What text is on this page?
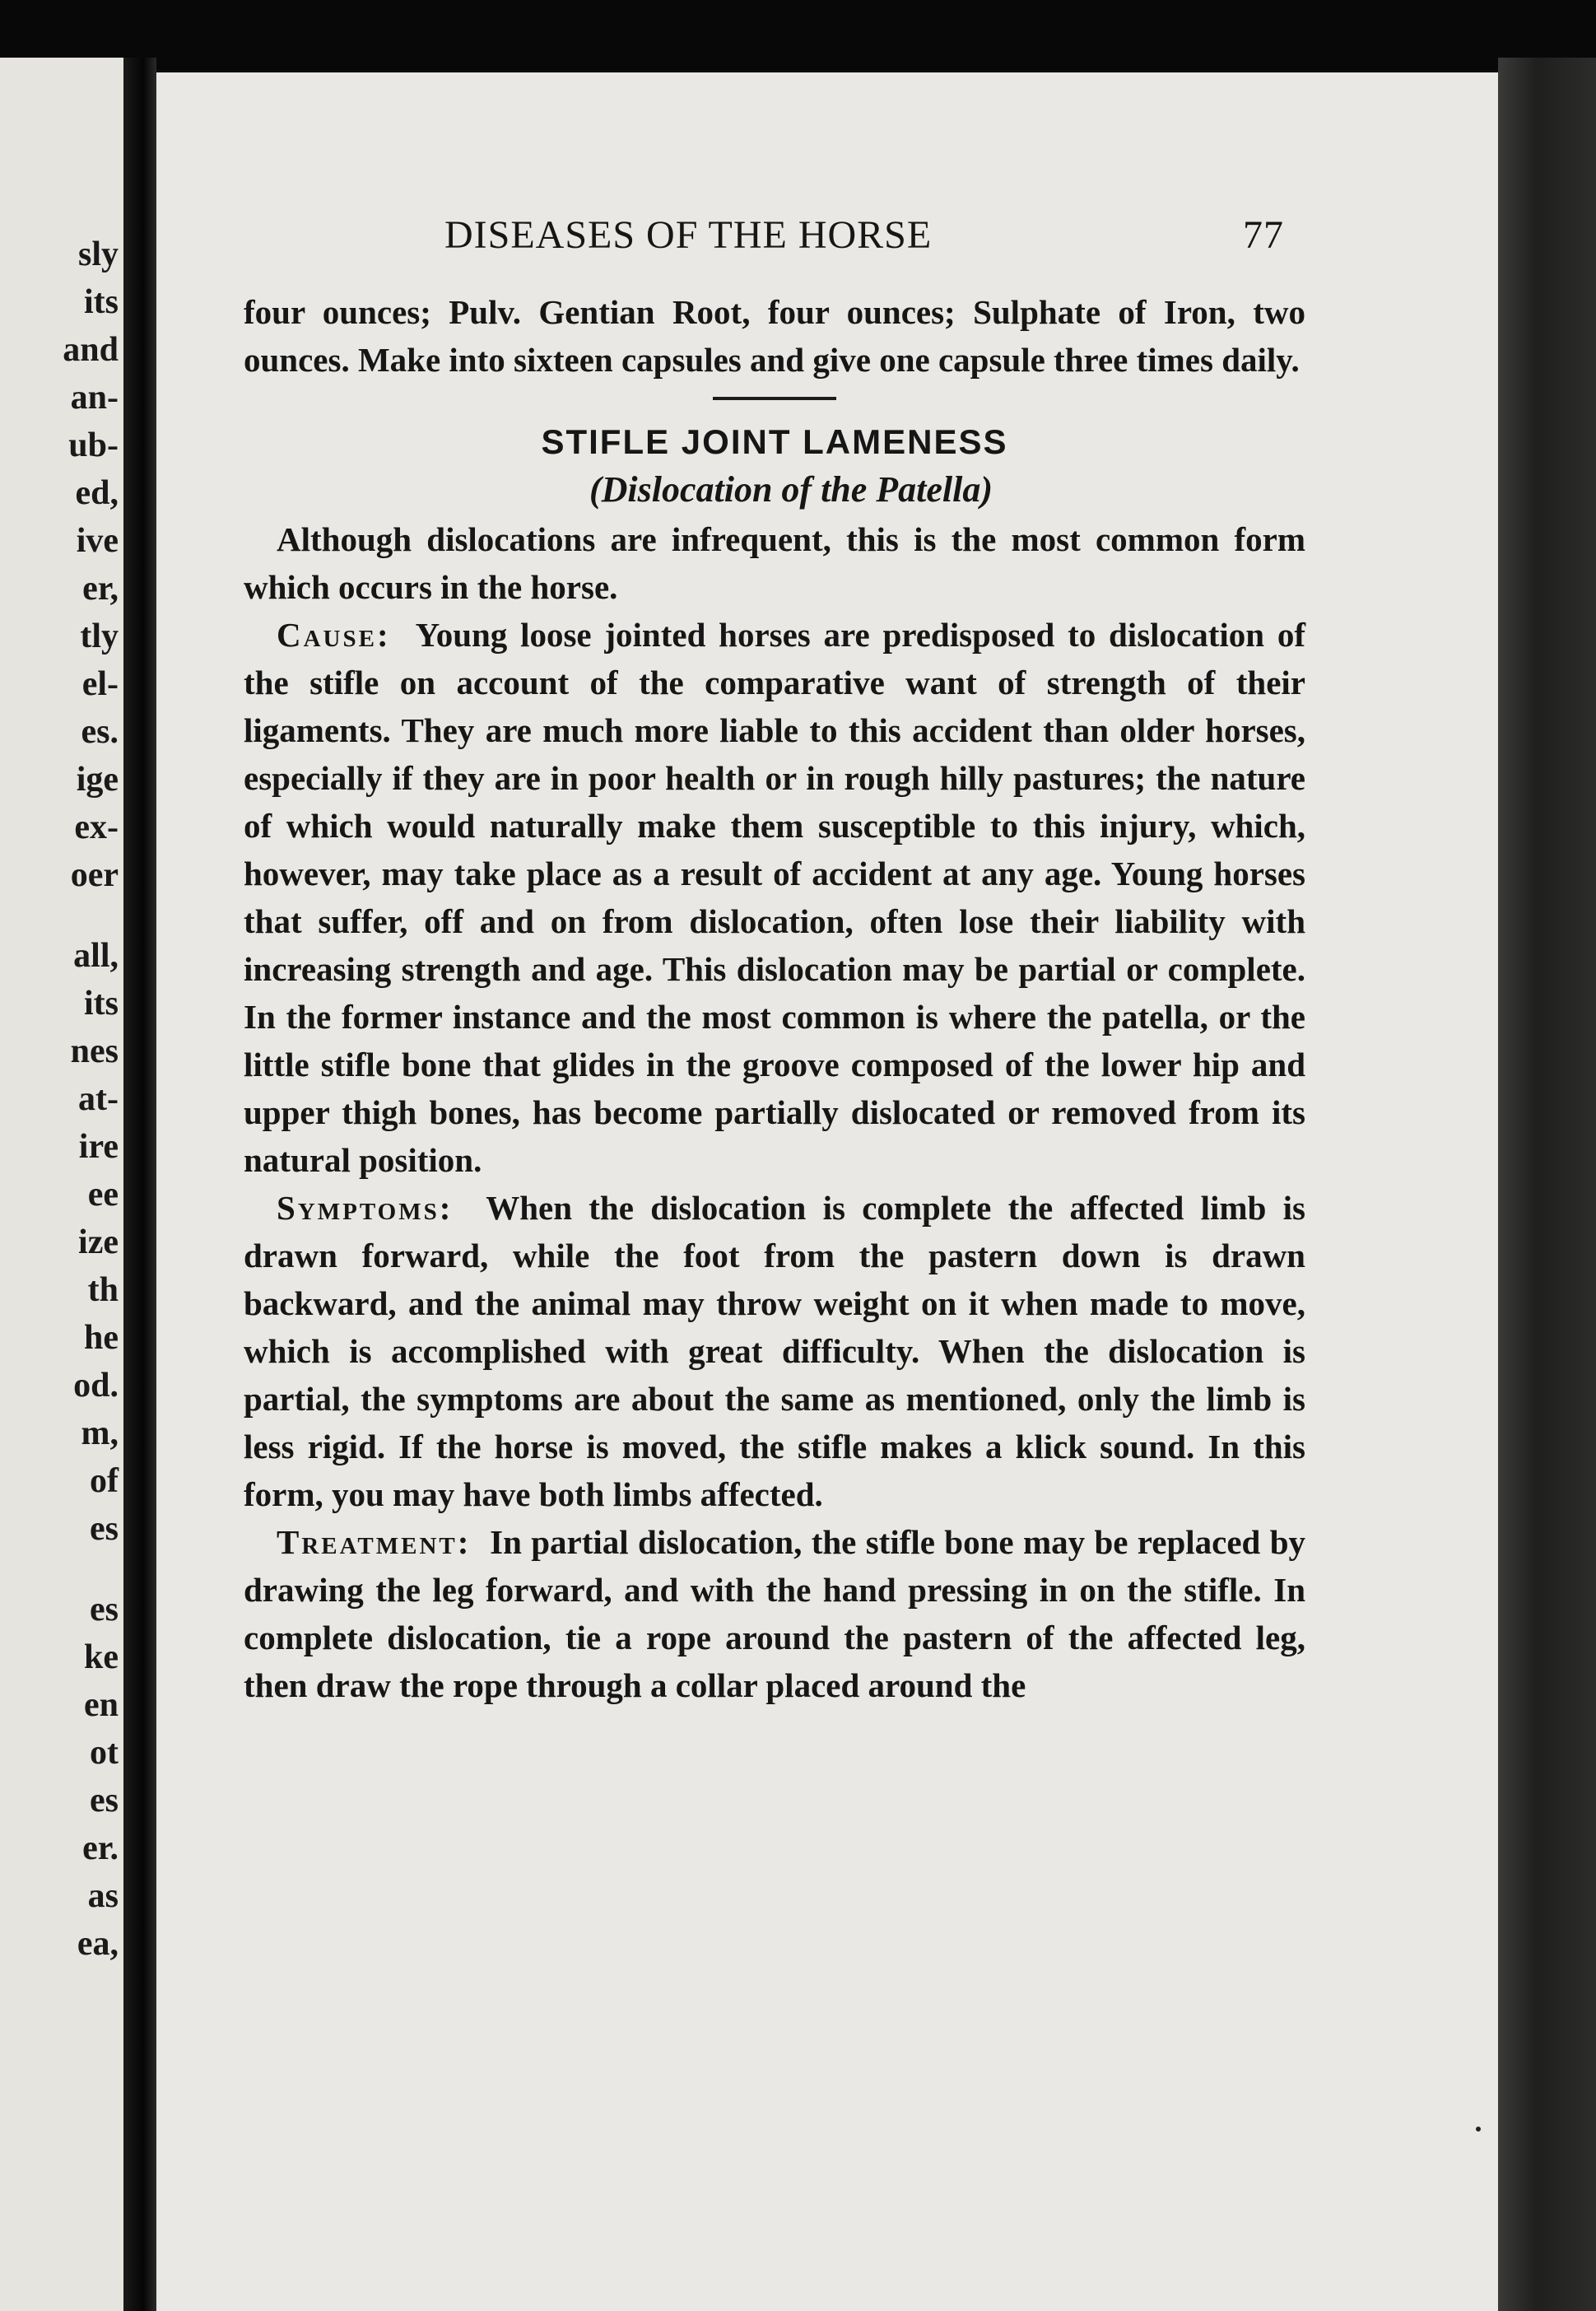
sly
its
and
an-
ub-
ed,
ive
er,
tly
el-
es.
ige
ex-
oer
all,
its
nes
at-
ire
ee
ize
th
he
od.
m,
of
es
es
ke
en
ot
es
er.
as
ea,
DISEASES OF THE HORSE	77

four ounces; Pulv. Gentian Root, four ounces; Sulphate of Iron, two ounces. Make into sixteen capsules and give one capsule three times daily.

STIFLE JOINT LAMENESS

(Dislocation of the Patella)

Although dislocations are infrequent, this is the most common form which occurs in the horse.

Cause: Young loose jointed horses are predisposed to dislocation of the stifle on account of the comparative want of strength of their ligaments. They are much more liable to this accident than older horses, especially if they are in poor health or in rough hilly pastures; the nature of which would naturally make them susceptible to this injury, which, however, may take place as a result of accident at any age. Young horses that suffer, off and on from dislocation, often lose their liability with increasing strength and age. This dislocation may be partial or complete. In the former instance and the most common is where the patella, or the little stifle bone that glides in the groove composed of the lower hip and upper thigh bones, has become partially dislocated or removed from its natural position.

Symptoms: When the dislocation is complete the affected limb is drawn forward, while the foot from the pastern down is drawn backward, and the animal may throw weight on it when made to move, which is accomplished with great difficulty. When the dislocation is partial, the symptoms are about the same as mentioned, only the limb is less rigid. If the horse is moved, the stifle makes a klick sound. In this form, you may have both limbs affected.

Treatment: In partial dislocation, the stifle bone may be replaced by drawing the leg forward, and with the hand pressing in on the stifle. In complete dislocation, tie a rope around the pastern of the affected leg, then draw the rope through a collar placed around the
